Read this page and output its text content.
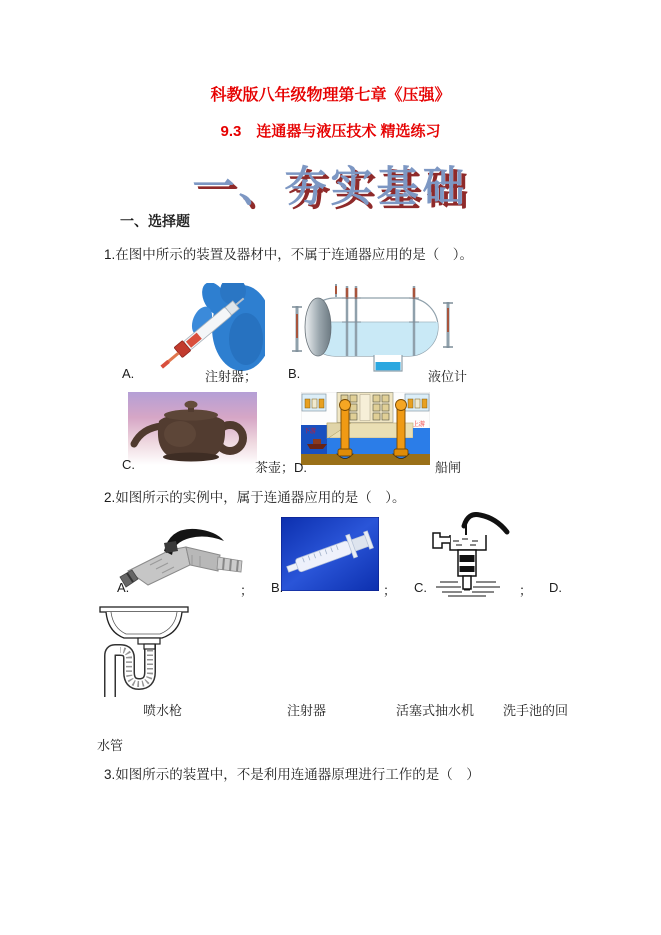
科教版八年级物理第七章《压强》
9.3　连通器与液压技术 精选练习
一、夯实基础
一、选择题
1.在图中所示的装置及器材中，不属于连通器应用的是（　）。
A.	注射器； B.	液位计
下游
上游
C.	茶壶；D.	船闸
2.如图所示的实例中，属于连通器应用的是（　）。
A.	； B.	； C.	； D.
喷水枪	注射器	活塞式抽水机 洗手池的回
水管
3.如图所示的装置中，不是利用连通器原理进行工作的是（　）
